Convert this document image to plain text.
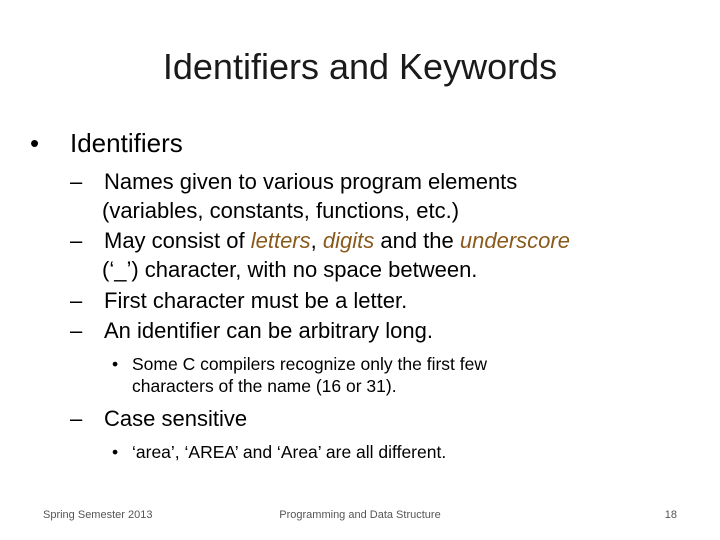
Identifiers and Keywords
• Identifiers
– Names given to various program elements
(variables, constants, functions, etc.)
– May consist of letters, digits and the underscore
(‘_’) character, with no space between.
– First character must be a letter.
– An identifier can be arbitrary long.
• Some C compilers recognize only the first few
characters of the name (16 or 31).
– Case sensitive
• ‘area’, ‘AREA’ and ‘Area’ are all different.
Spring Semester 2013	Programming and Data Structure	18
